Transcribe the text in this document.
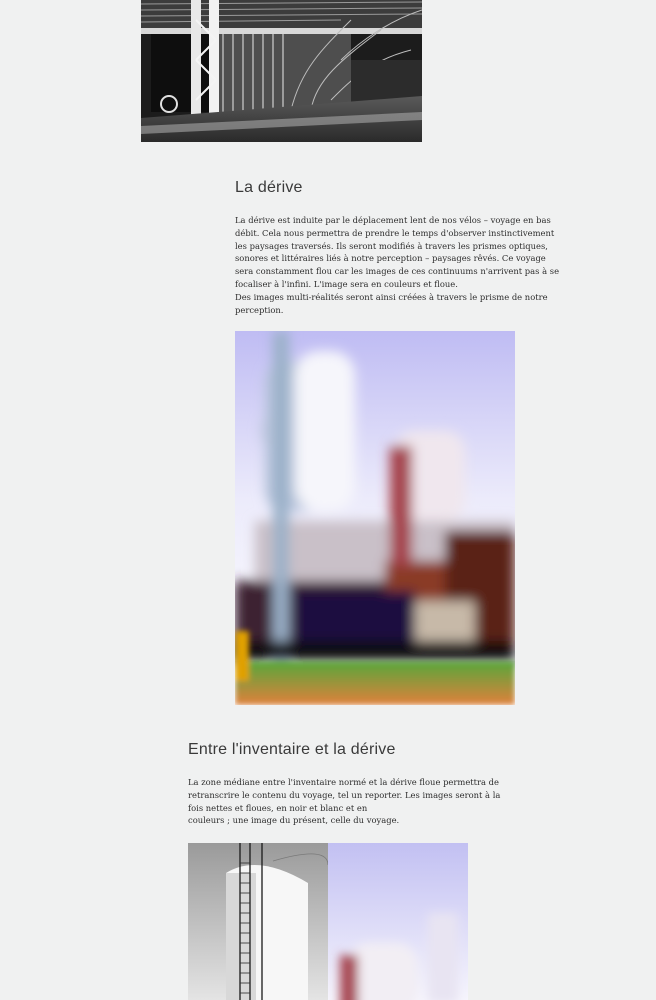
La dérive
La dérive est induite par le déplacement lent de nos vélos – voyage en bas
débit. Cela nous permettra de prendre le temps d'observer instinctivement
les paysages traversés. Ils seront modifiés à travers les prismes optiques,
sonores et littéraires liés à notre perception – paysages rêvés. Ce voyage
sera constamment flou car les images de ces continuums n'arrivent pas à se
focaliser à l'infini. L'image sera en couleurs et floue.
Des images multi-réalités seront ainsi créées à travers le prisme de notre
perception.
Entre l'inventaire et la dérive
La zone médiane entre l'inventaire normé et la dérive floue permettra de
retranscrire le contenu du voyage, tel un reporter. Les images seront à la
fois nettes et floues, en noir et blanc et en
couleurs ; une image du présent, celle du voyage.
